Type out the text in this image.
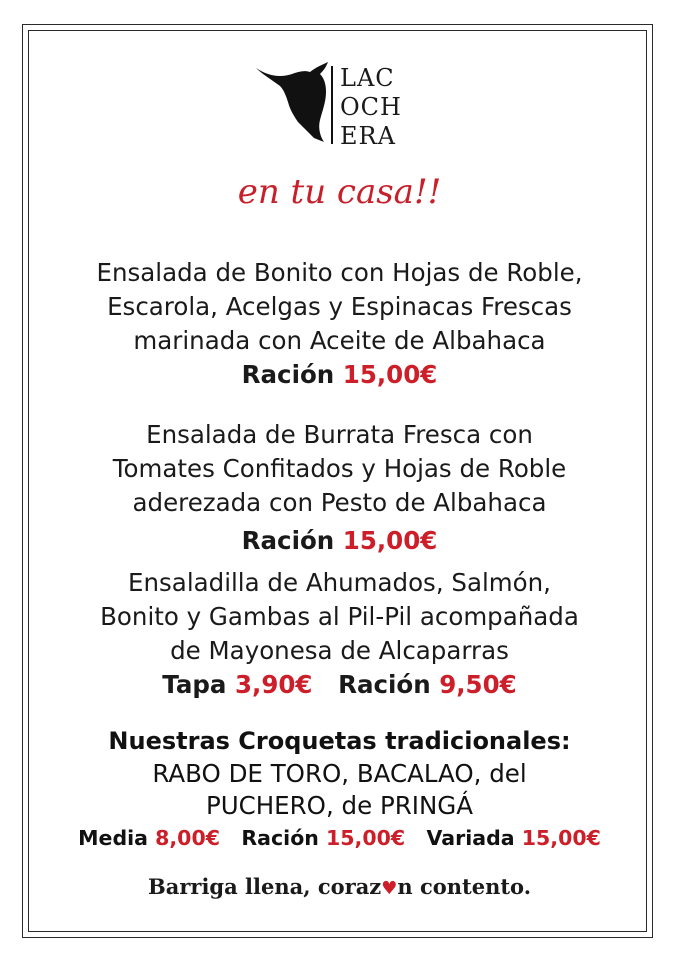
LAC
OCH
ERA
en tu casa!!
Ensalada de Bonito con Hojas de Roble,
Escarola, Acelgas y Espinacas Frescas
marinada con Aceite de Albahaca
Ración 15,00€
Ensalada de Burrata Fresca con
Tomates Confitados y Hojas de Roble
aderezada con Pesto de Albahaca
Ración 15,00€
Ensaladilla de Ahumados, Salmón,
Bonito y Gambas al Pil-Pil acompañada
de Mayonesa de Alcaparras
Tapa 3,90€ Ración 9,50€
Nuestras Croquetas tradicionales:
RABO DE TORO, BACALAO, del
PUCHERO, de PRINGÁ
Media 8,00€ Ración 15,00€ Variada 15,00€
Barriga llena, coraz♥n contento.
